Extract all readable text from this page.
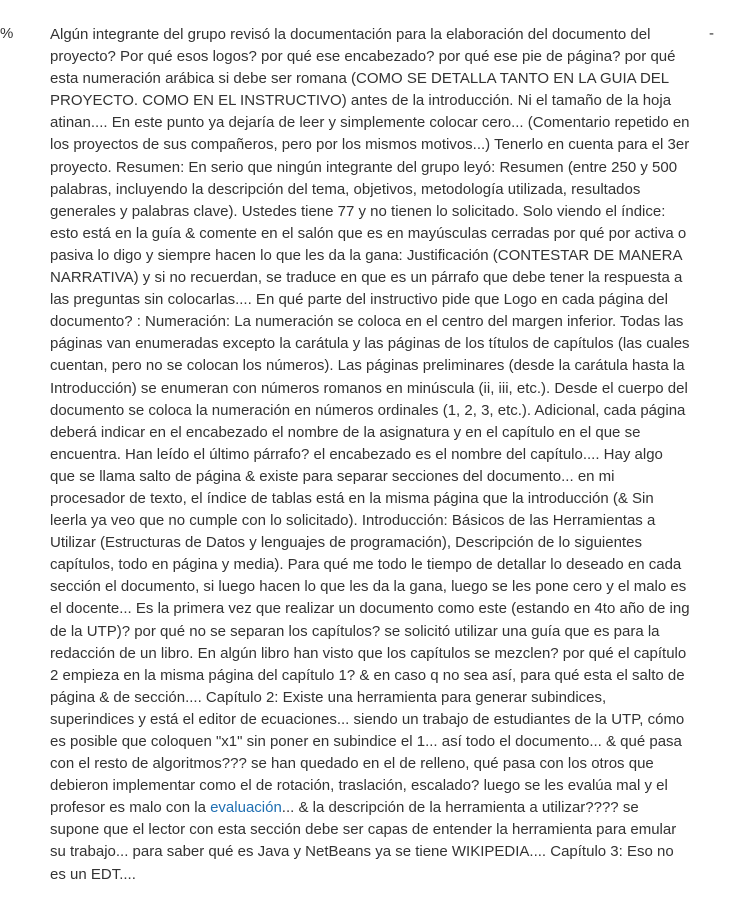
% Algún integrante del grupo revisó la documentación para la elaboración del documento del proyecto? Por qué esos logos? por qué ese encabezado? por qué ese pie de página? por qué esta numeración arábica si debe ser romana (COMO SE DETALLA TANTO EN LA GUIA DEL PROYECTO. COMO EN EL INSTRUCTIVO) antes de la introducción. Ni el tamaño de la hoja atinan.... En este punto ya dejaría de leer y simplemente colocar cero... (Comentario repetido en los proyectos de sus compañeros, pero por los mismos motivos...) Tenerlo en cuenta para el 3er proyecto. Resumen: En serio que ningún integrante del grupo leyó: Resumen (entre 250 y 500 palabras, incluyendo la descripción del tema, objetivos, metodología utilizada, resultados generales y palabras clave). Ustedes tiene 77 y no tienen lo solicitado. Solo viendo el índice: esto está en la guía & comente en el salón que es en mayúsculas cerradas por qué por activa o pasiva lo digo y siempre hacen lo que les da la gana: Justificación (CONTESTAR DE MANERA NARRATIVA) y si no recuerdan, se traduce en que es un párrafo que debe tener la respuesta a las preguntas sin colocarlas.... En qué parte del instructivo pide que Logo en cada página del documento? : Numeración: La numeración se coloca en el centro del margen inferior. Todas las páginas van enumeradas excepto la carátula y las páginas de los títulos de capítulos (las cuales cuentan, pero no se colocan los números). Las páginas preliminares (desde la carátula hasta la Introducción) se enumeran con números romanos en minúscula (ii, iii, etc.). Desde el cuerpo del documento se coloca la numeración en números ordinales (1, 2, 3, etc.). Adicional, cada página deberá indicar en el encabezado el nombre de la asignatura y en el capítulo en el que se encuentra. Han leído el último párrafo? el encabezado es el nombre del capítulo.... Hay algo que se llama salto de página & existe para separar secciones del documento... en mi procesador de texto, el índice de tablas está en la misma página que la introducción (& Sin leerla ya veo que no cumple con lo solicitado). Introducción: Básicos de las Herramientas a Utilizar (Estructuras de Datos y lenguajes de programación), Descripción de lo siguientes capítulos, todo en página y media). Para qué me todo le tiempo de detallar lo deseado en cada sección el documento, si luego hacen lo que les da la gana, luego se les pone cero y el malo es el docente... Es la primera vez que realizar un documento como este (estando en 4to año de ing de la UTP)? por qué no se separan los capítulos? se solicitó utilizar una guía que es para la redacción de un libro. En algún libro han visto que los capítulos se mezclen? por qué el capítulo 2 empieza en la misma página del capítulo 1? & en caso q no sea así, para qué esta el salto de página & de sección.... Capítulo 2: Existe una herramienta para generar subindices, superindices y está el editor de ecuaciones... siendo un trabajo de estudiantes de la UTP, cómo es posible que coloquen "x1" sin poner en subindice el 1... así todo el documento... & qué pasa con el resto de algoritmos??? se han quedado en el de relleno, qué pasa con los otros que debieron implementar como el de rotación, traslación, escalado? luego se les evalúa mal y el profesor es malo con la evaluación... & la descripción de la herramienta a utilizar???? se supone que el lector con esta sección debe ser capas de entender la herramienta para emular su trabajo... para saber qué es Java y NetBeans ya se tiene WIKIPEDIA.... Capítulo 3: Eso no es un EDT....

-
